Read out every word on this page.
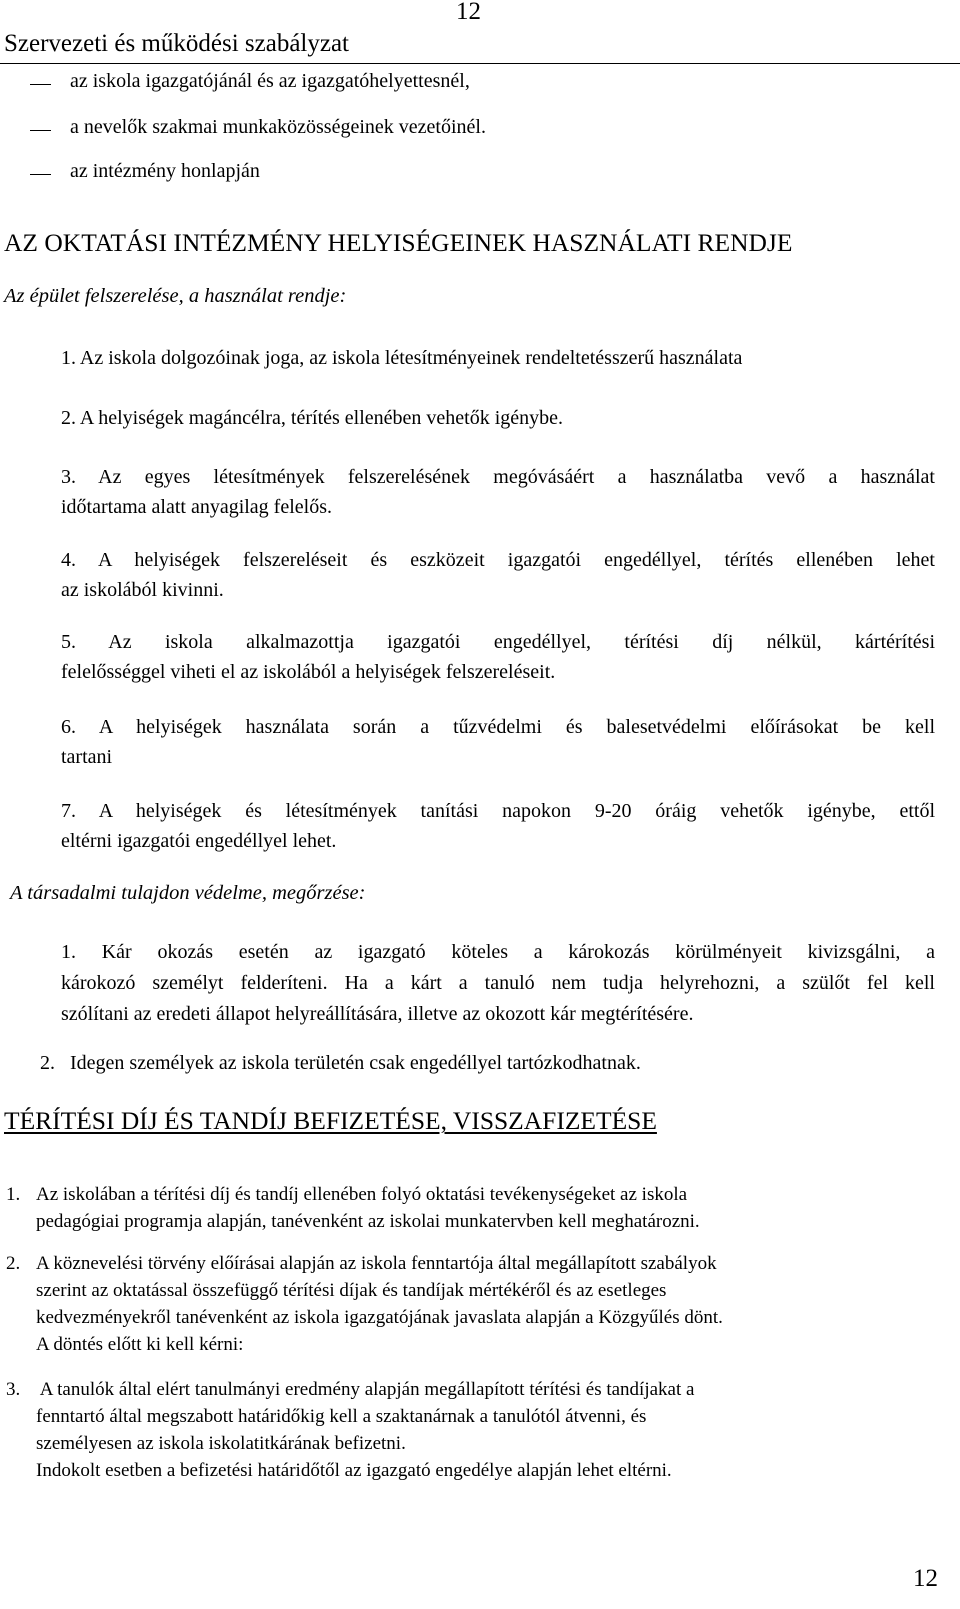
12
Szervezeti és működési szabályzat
az iskola igazgatójánál és az igazgatóhelyettesnél,
a nevelők szakmai munkaközösségeinek vezetőinél.
az intézmény honlapján
AZ OKTATÁSI INTÉZMÉNY HELYISÉGEINEK HASZNÁLATI RENDJE
Az épület felszerelése, a használat rendje:
1. Az iskola dolgozóinak joga, az iskola létesítményeinek rendeltetésszerű használata
2. A helyiségek magáncélra, térítés ellenében vehetők igénybe.
3. Az egyes létesítmények felszerelésének megóvásáért a használatba vevő a használat
időtartama alatt anyagilag felelős.
4. A helyiségek felszereléseit és eszközeit igazgatói engedéllyel, térítés ellenében lehet
az iskolából kivinni.
5. Az iskola alkalmazottja igazgatói engedéllyel, térítési díj nélkül, kártérítési
felelősséggel viheti el az iskolából a helyiségek felszereléseit.
6. A helyiségek használata során a tűzvédelmi és balesetvédelmi előírásokat be kell
tartani
7. A helyiségek és létesítmények tanítási napokon 9-20 óráig vehetők igénybe, ettől
eltérni igazgatói engedéllyel lehet.
A társadalmi tulajdon védelme, megőrzése:
1. Kár okozás esetén az igazgató köteles a károkozás körülményeit kivizsgálni, a
károkozó személyt felderíteni. Ha a kárt a tanuló nem tudja helyrehozni, a szülőt fel kell
szólítani az eredeti állapot helyreállítására, illetve az okozott kár megtérítésére.
2.   Idegen személyek az iskola területén csak engedéllyel tartózkodhatnak.
TÉRÍTÉSI DÍJ ÉS TANDÍJ BEFIZETÉSE, VISSZAFIZETÉSE
1. Az iskolában a térítési díj és tandíj ellenében folyó oktatási tevékenységeket az iskola
pedagógiai programja alapján, tanévenként az iskolai munkatervben kell meghatározni.
2. A köznevelési törvény előírásai alapján az iskola fenntartója által megállapított szabályok
szerint az oktatással összefüggő térítési díjak és tandíjak mértékéről és az esetleges
kedvezményekről tanévenként az iskola igazgatójának javaslata alapján a Közgyűlés dönt.
A döntés előtt ki kell kérni:
3. A tanulók által elért tanulmányi eredmény alapján megállapított térítési és tandíjakat a
fenntartó által megszabott határidőkig kell a szaktanárnak a tanulótól átvenni, és
személyesen az iskola iskolatitkárának befizetni.
Indokolt esetben a befizetési határidőtől az igazgató engedélye alapján lehet eltérni.
12
